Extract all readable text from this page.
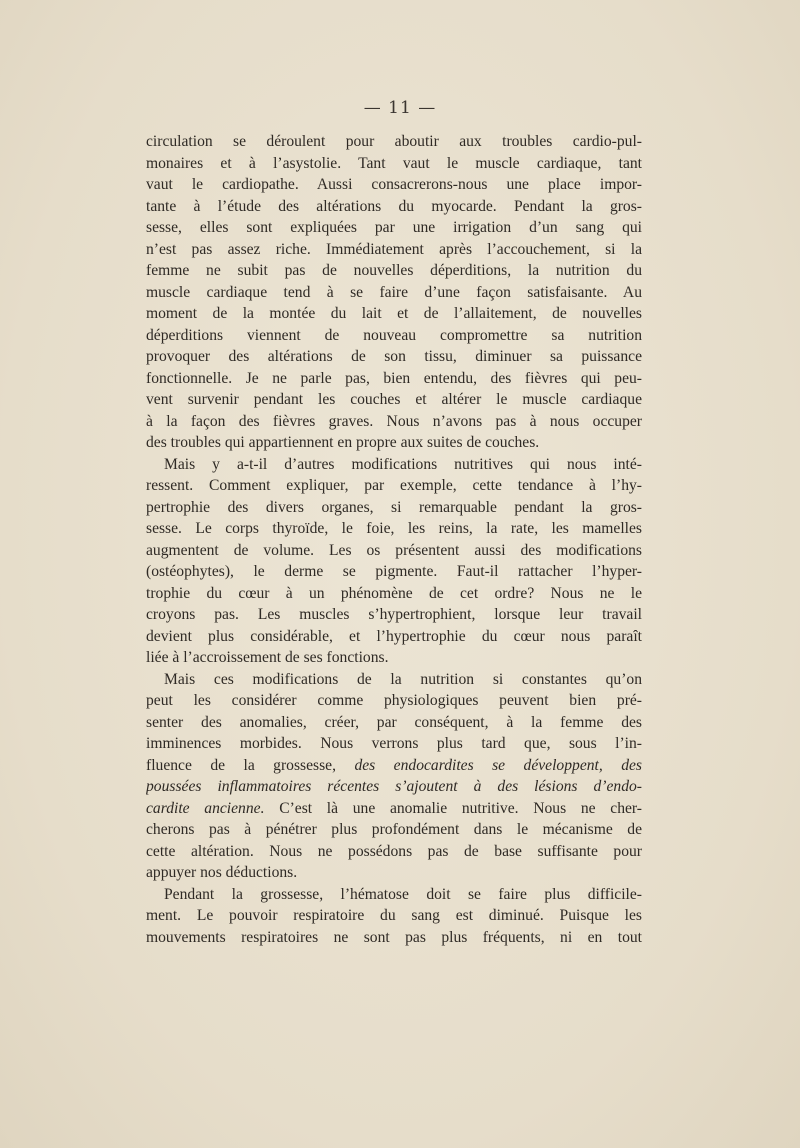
— 11 —
circulation se déroulent pour aboutir aux troubles cardio-pul-
monaires et à l’asystolie. Tant vaut le muscle cardiaque, tant
vaut le cardiopathe. Aussi consacrerons-nous une place impor-
tante à l’étude des altérations du myocarde. Pendant la gros-
sesse, elles sont expliquées par une irrigation d’un sang qui
n’est pas assez riche. Immédiatement après l’accouchement, si la
femme ne subit pas de nouvelles déperditions, la nutrition du
muscle cardiaque tend à se faire d’une façon satisfaisante. Au
moment de la montée du lait et de l’allaitement, de nouvelles
déperditions viennent de nouveau compromettre sa nutrition
provoquer des altérations de son tissu, diminuer sa puissance
fonctionnelle. Je ne parle pas, bien entendu, des fièvres qui peu-
vent survenir pendant les couches et altérer le muscle cardiaque
à la façon des fièvres graves. Nous n’avons pas à nous occuper
des troubles qui appartiennent en propre aux suites de couches.
Mais y a-t-il d’autres modifications nutritives qui nous inté-
ressent. Comment expliquer, par exemple, cette tendance à l’hy-
pertrophie des divers organes, si remarquable pendant la gros-
sesse. Le corps thyroïde, le foie, les reins, la rate, les mamelles
augmentent de volume. Les os présentent aussi des modifications
(ostéophytes), le derme se pigmente. Faut-il rattacher l’hyper-
trophie du cœur à un phénomène de cet ordre? Nous ne le
croyons pas. Les muscles s’hypertrophient, lorsque leur travail
devient plus considérable, et l’hypertrophie du cœur nous paraît
liée à l’accroissement de ses fonctions.
Mais ces modifications de la nutrition si constantes qu’on
peut les considérer comme physiologiques peuvent bien pré-
senter des anomalies, créer, par conséquent, à la femme des
imminences morbides. Nous verrons plus tard que, sous l’in-
fluence de la grossesse, des endocardites se développent, des
poussées inflammatoires récentes s’ajoutent à des lésions d’endo-
cardite ancienne. C’est là une anomalie nutritive. Nous ne cher-
cherons pas à pénétrer plus profondément dans le mécanisme de
cette altération. Nous ne possédons pas de base suffisante pour
appuyer nos déductions.
Pendant la grossesse, l’hématose doit se faire plus difficile-
ment. Le pouvoir respiratoire du sang est diminué. Puisque les
mouvements respiratoires ne sont pas plus fréquents, ni en tout
